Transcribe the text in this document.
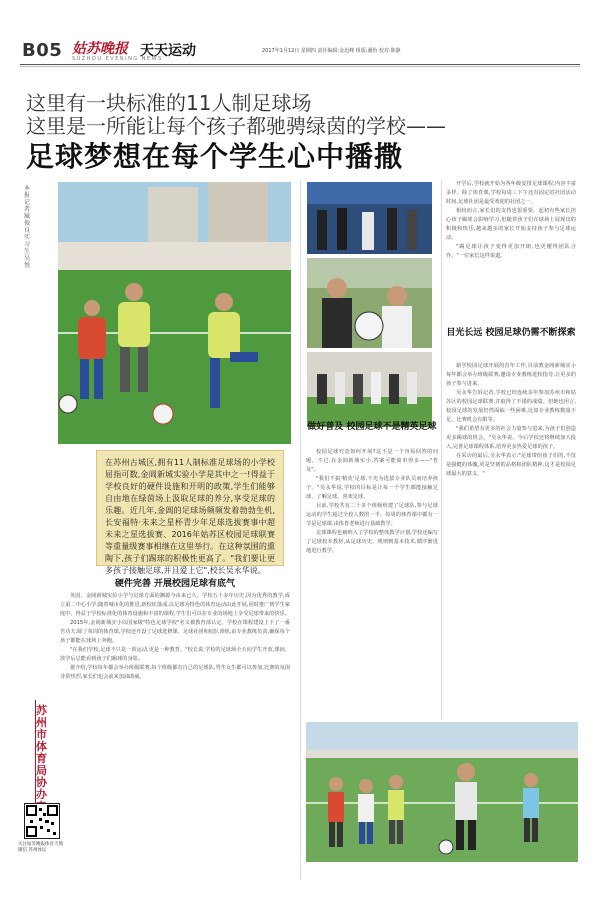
B05 姑苏晚报
SUZHOU EVENING NEWS
天天运动	2017年1月12日 星期四 责任编辑:金迅峰 组版:潘怡 校对:陈静
这里有一块标准的11人制足球场
这里是一所能让每个孩子都驰骋绿茵的学校——
足球梦想在每个学生心中播撒
本报记者 臧俊良 实习生 吴悦
在苏州古城区,拥有11人制标准足球场的小学校屈指可数,金阊新城实验小学是其中之一!得益于学校良好的硬件设施和开明的政策,学生们能够自由地在绿茵场上汲取足球的养分,享受足球的乐趣。近几年,金阊的足球场频频发着勃勃生机,长安福特·未来之星杯青少年足球选拔赛事中超未来之星选拔赛、2016年姑苏区校园足球联赛等重量级赛事相继在这里举行。在这种氛围的熏陶下,孩子们踢球的积极性更高了。"我们要让更多孩子接触足球,并且爱上它",校长吴永华说。
硬件完善 开展校园足球有底气

英国、金阊新城实验小学与足球方面的渊源今由来已久。学校五十多年历史,因为优秀的教学,成立第二中心小学;随着城市化的推进,新校址落成,以足球为特色的体育运动由此开展,同时推广到学生家庭中。得益于学校标准化的体育设施和丰富的课程,学生们可以在专业的场地上享受足球带来的快乐。

2015年,金阊新城实小以国家级"特色足球学校"名义被教育部认定。学校在课程建设上下了一番苦功夫:除了每周的体育课,学校还开设了足球选修课、足球社团和校队训练,由专业教练负责,确保每个孩子都能在球场上奔跑。

"在我们学校,足球不只是一项运动,更是一种教育。"校长说,学校的足球场全天向学生开放,课间、放学后总能看到孩子们踢球的身影。

据介绍,学校每年都会举办班级联赛,每个班级都有自己的足球队,男生女生都可以参加,比赛的氛围非常热烈,家长们也会前来加油助威。

做好普及 校园足球不是精英足球

校园足球究竟如何开展?这不是一个容易回答的问题。不过,在金阊新城实小,答案可能简单得多——"普及"。

"我们不搞'精英'足球,不光为选拔专业队员而培养孩子。"吴永华说,学校的目标是让每一个学生都能接触足球、了解足球、喜欢足球。

目前,学校共有二十多个班级组建了足球队,参与足球运动的学生超过全校人数的一半。每周的体育课中都有一节是足球课,由体育老师进行基础教学。

足球课程也被纳入了学校的整体教学计划,学校还编写了足球校本教材,从足球历史、规则到基本技术,循序渐进地进行教学。

开学后,学校就开始为各年级安排足球课程,内容丰富多样。除了体育课,学校每周三下午还有固定的社团活动时间,足球社团是最受欢迎的社团之一。

相较而言,家长们的支持也很重要。起初有些家长担心孩子踢球会影响学习,但随着孩子们在球场上展现出的积极和快乐,越来越多的家长开始支持孩子参与足球运动。

"踢足球让孩子变得更加开朗,也更懂得团队合作。"一位家长这样说道。

目光长远 校园足球仍需不断探索

新学校园足球开展的首年工作,目前教金阊新城实小每年都会举办班级联赛,邀请专业教练进校指导,让更多的孩子参与进来。

吴永华告诉记者,学校已经连续多年参加苏州市和姑苏区的校园足球联赛,并取得了不错的成绩。但她也坦言,校园足球的发展仍然面临一些困难,比如专业教练数量不足、比赛机会有限等。

"我们希望有更多的社会力量参与进来,为孩子们创造更多踢球的机会。"吴永华说。今后学校还将继续加大投入,完善足球课程体系,培养更多热爱足球的孩子。

在采访的最后,吴永华表示:"足球带给孩子们的,不仅是强健的体魄,更是坚韧的品格和团队精神,这才是校园足球最大的意义。"

苏州市体育局协办
关注姑苏晚报体育天地微信 苏州体坛
